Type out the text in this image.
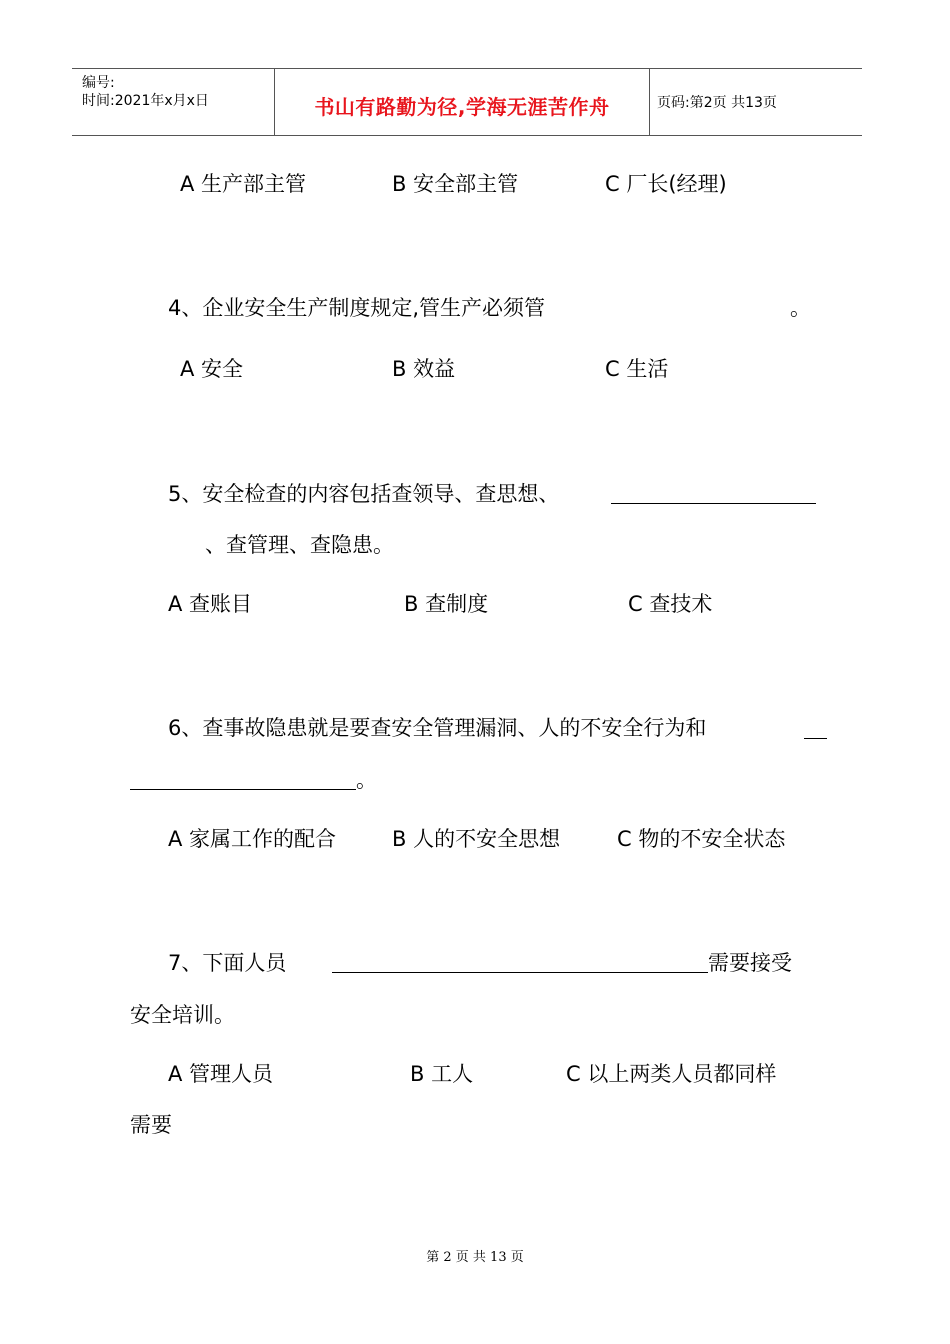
编号:
时间:2021年x月x日	书山有路勤为径,学海无涯苦作舟	页码:第2页 共13页
A 生产部主管	B 安全部主管	C 厂长(经理)
4、企业安全生产制度规定,管生产必须管	。
A 安全	B 效益	C 生活
5、安全检查的内容包括查领导、查思想、
、查管理、查隐患。
A 查账目	B 查制度	C 查技术
6、查事故隐患就是要查安全管理漏洞、人的不安全行为和
。
A 家属工作的配合	B 人的不安全思想	C 物的不安全状态
7、下面人员	需要接受
安全培训。
A 管理人员	B 工人	C 以上两类人员都同样
需要
第 2 页 共 13 页
